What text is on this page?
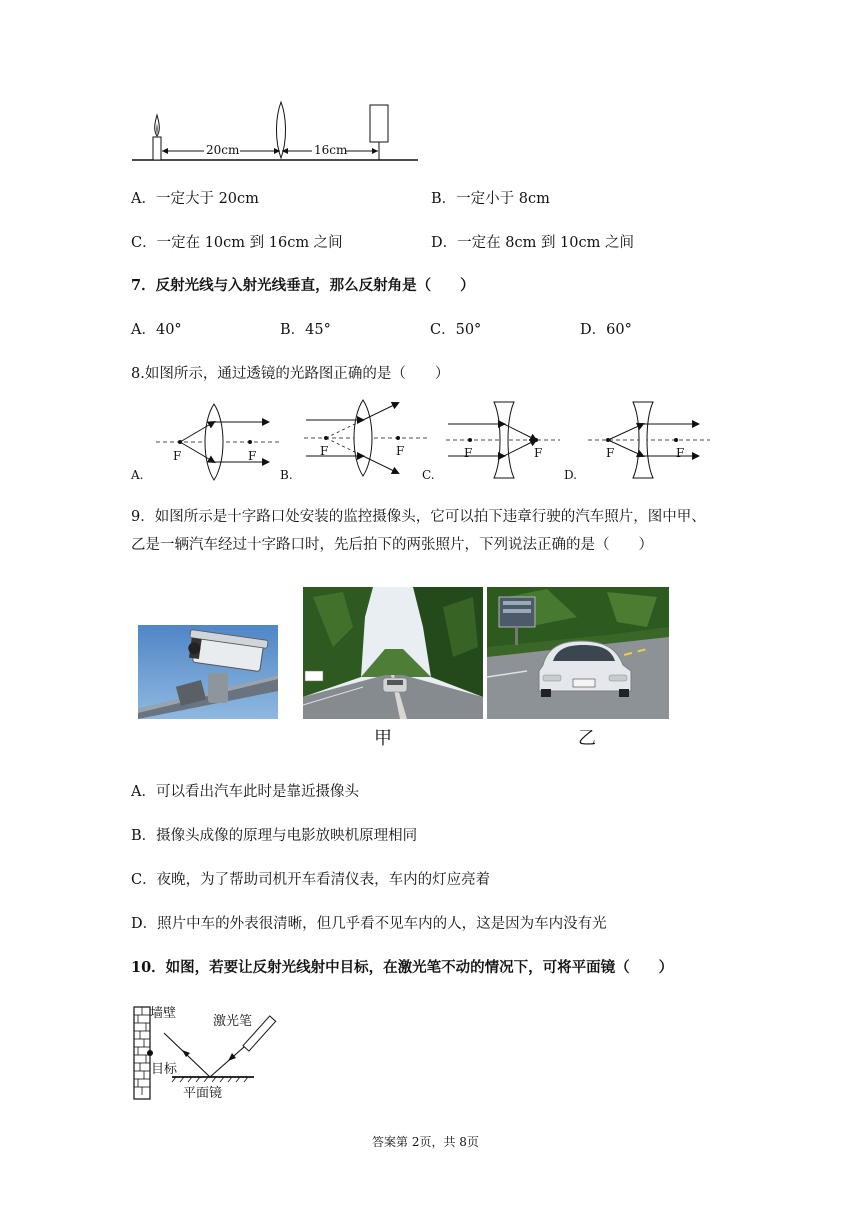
20cm	16cm
A．一定大于 20cm	B．一定小于 8cm
C．一定在 10cm 到 16cm 之间	D．一定在 8cm 到 10cm 之间
7．反射光线与入射光线垂直，那么反射角是（　　）
A．40°	B．45°	C．50°	D．60°
8.如图所示，通过透镜的光路图正确的是（　　）
F	F	F	F	F	F	F	F
A.	B.	C.	D.
9．如图所示是十字路口处安装的监控摄像头，它可以拍下违章行驶的汽车照片，图中甲、
乙是一辆汽车经过十字路口时，先后拍下的两张照片，下列说法正确的是（　　）
甲	乙
A．可以看出汽车此时是靠近摄像头
B．摄像头成像的原理与电影放映机原理相同
C．夜晚，为了帮助司机开车看清仪表，车内的灯应亮着
D．照片中车的外表很清晰，但几乎看不见车内的人，这是因为车内没有光
10．如图，若要让反射光线射中目标，在激光笔不动的情况下，可将平面镜（　　）
墙壁
激光笔
目标
平面镜
答案第 2页，共 8页
